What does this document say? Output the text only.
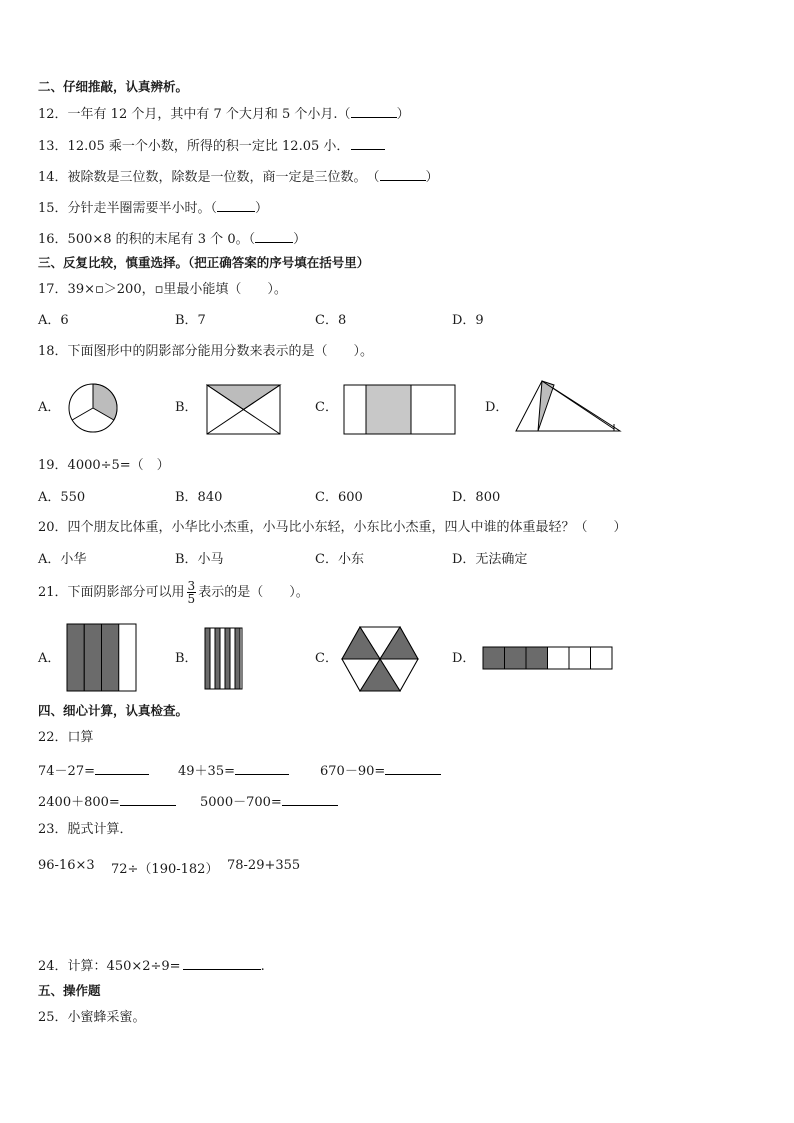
二、仔细推敲，认真辨析。
12．一年有 12 个月，其中有 7 个大月和 5 个小月.（	）
13．12.05 乘一个小数，所得的积一定比 12.05 小．
14．被除数是三位数，除数是一位数，商一定是三位数。　（	）
15．分针走半圈需要半小时。（	）
16．500×8 的积的末尾有 3 个 0。（	）
三、反复比较，慎重选择。（把正确答案的序号填在括号里）
17．39×▫＞200，▫里最小能填（　　）。
A．6	B．7	C．8	D．9
18．下面图形中的阴影部分能用分数来表示的是（　　）。
A．	B．	C．	D．
19．4000÷5=（　）
A．550	B．840	C．600	D．800
20．四个朋友比体重，小华比小杰重，小马比小东轻，小东比小杰重，四人中谁的体重最轻？（　　）
A．小华	B．小马	C．小东	D．无法确定
21．下面阴影部分可以用 $\frac{3}{5}$ 表示的是（　　）。
A．	B．	C．	D．
四、细心计算，认真检查。
22．口算
74－27=	49＋35=	670－90=
2400＋800=	5000－700=
23．脱式计算．
96-16×3 72÷（190-182） 78-29+355
24．计算：450×2÷9=	.
五、操作题
25．小蜜蜂采蜜。
